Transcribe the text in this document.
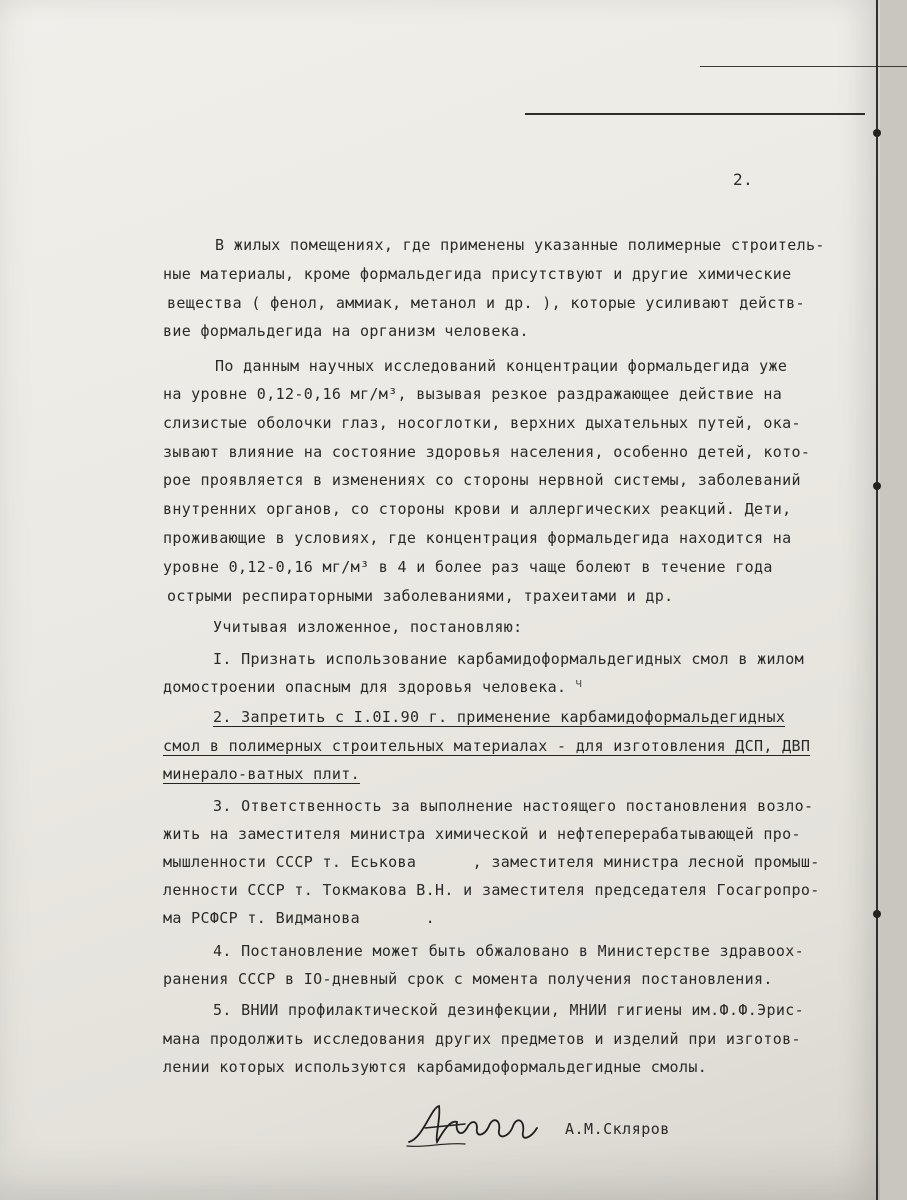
2.
В жилых помещениях, где применены указанные полимерные строитель-
ные материалы, кроме формальдегида присутствуют и другие химические
вещества ( фенол, аммиак, метанол и др. ), которые усиливают действ-
вие формальдегида на организм человека.
По данным научных исследований концентрации формальдегида уже
на уровне 0,12-0,16 мг/м³, вызывая резкое раздражающее действие на
слизистые оболочки глаз, носоглотки, верхних дыхательных путей, ока-
зывают влияние на состояние здоровья населения, особенно детей, кото-
рое проявляется в изменениях со стороны нервной системы, заболеваний
внутренних органов, со стороны крови и аллергических реакций. Дети,
проживающие в условиях, где концентрация формальдегида находится на
уровне 0,12-0,16 мг/м³ в 4 и более раз чаще болеют в течение года
острыми респираторными заболеваниями, трахеитами и др.
Учитывая изложенное, постановляю:
I. Признать использование карбамидоформальдегидных смол в жилом
домостроении опасным для здоровья человека. ч
2. Запретить с I.0I.90 г. применение карбамидоформальдегидных
смол в полимерных строительных материалах - для изготовления ДСП, ДВП
минерало-ватных плит.
3. Ответственность за выполнение настоящего постановления возло-
жить на заместителя министра химической и нефтеперерабатывающей про-
мышленности СССР т. Еськова      , заместителя министра лесной промыш-
ленности СССР т. Токмакова В.Н. и заместителя председателя Госагропро-
ма РСФСР т. Видманова       .
4. Постановление может быть обжаловано в Министерстве здравоох-
ранения СССР в IO-дневный срок с момента получения постановления.
5. ВНИИ профилактической дезинфекции, МНИИ гигиены им.Ф.Ф.Эрис-
мана продолжить исследования других предметов и изделий при изготов-
лении которых используются карбамидоформальдегидные смолы.
А.М.Скляров
